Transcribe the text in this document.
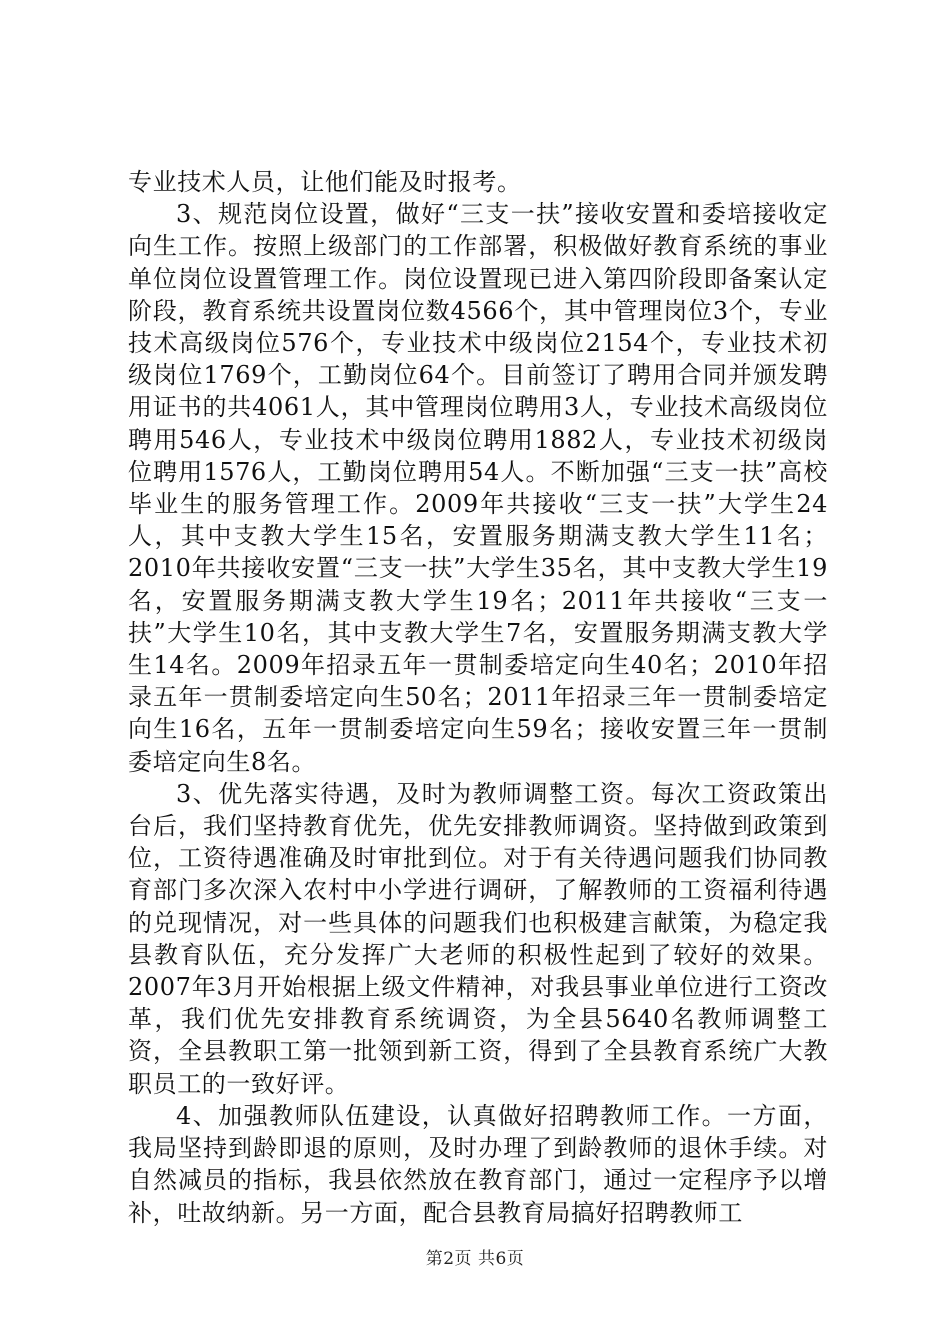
专业技术人员，让他们能及时报考。

3、规范岗位设置，做好“三支一扶”接收安置和委培接收定向生工作。按照上级部门的工作部署，积极做好教育系统的事业单位岗位设置管理工作。岗位设置现已进入第四阶段即备案认定阶段，教育系统共设置岗位数4566个，其中管理岗位3个，专业技术高级岗位576个，专业技术中级岗位2154个，专业技术初级岗位1769个，工勤岗位64个。目前签订了聘用合同并颁发聘用证书的共4061人，其中管理岗位聘用3人，专业技术高级岗位聘用546人，专业技术中级岗位聘用1882人，专业技术初级岗位聘用1576人，工勤岗位聘用54人。不断加强“三支一扶”高校毕业生的服务管理工作。2009年共接收“三支一扶”大学生24人，其中支教大学生15名，安置服务期满支教大学生11名；2010年共接收安置“三支一扶”大学生35名，其中支教大学生19名，安置服务期满支教大学生19名；2011年共接收“三支一扶”大学生10名，其中支教大学生7名，安置服务期满支教大学生14名。2009年招录五年一贯制委培定向生40名；2010年招录五年一贯制委培定向生50名；2011年招录三年一贯制委培定向生16名，五年一贯制委培定向生59名；接收安置三年一贯制委培定向生8名。

3、优先落实待遇，及时为教师调整工资。每次工资政策出台后，我们坚持教育优先，优先安排教师调资。坚持做到政策到位，工资待遇准确及时审批到位。对于有关待遇问题我们协同教育部门多次深入农村中小学进行调研，了解教师的工资福利待遇的兑现情况，对一些具体的问题我们也积极建言献策，为稳定我县教育队伍，充分发挥广大老师的积极性起到了较好的效果。2007年3月开始根据上级文件精神，对我县事业单位进行工资改革，我们优先安排教育系统调资，为全县5640名教师调整工资，全县教职工第一批领到新工资，得到了全县教育系统广大教职员工的一致好评。

4、加强教师队伍建设，认真做好招聘教师工作。一方面，我局坚持到龄即退的原则，及时办理了到龄教师的退休手续。对自然减员的指标，我县依然放在教育部门，通过一定程序予以增补，吐故纳新。另一方面，配合县教育局搞好招聘教师工

第2页 共6页
